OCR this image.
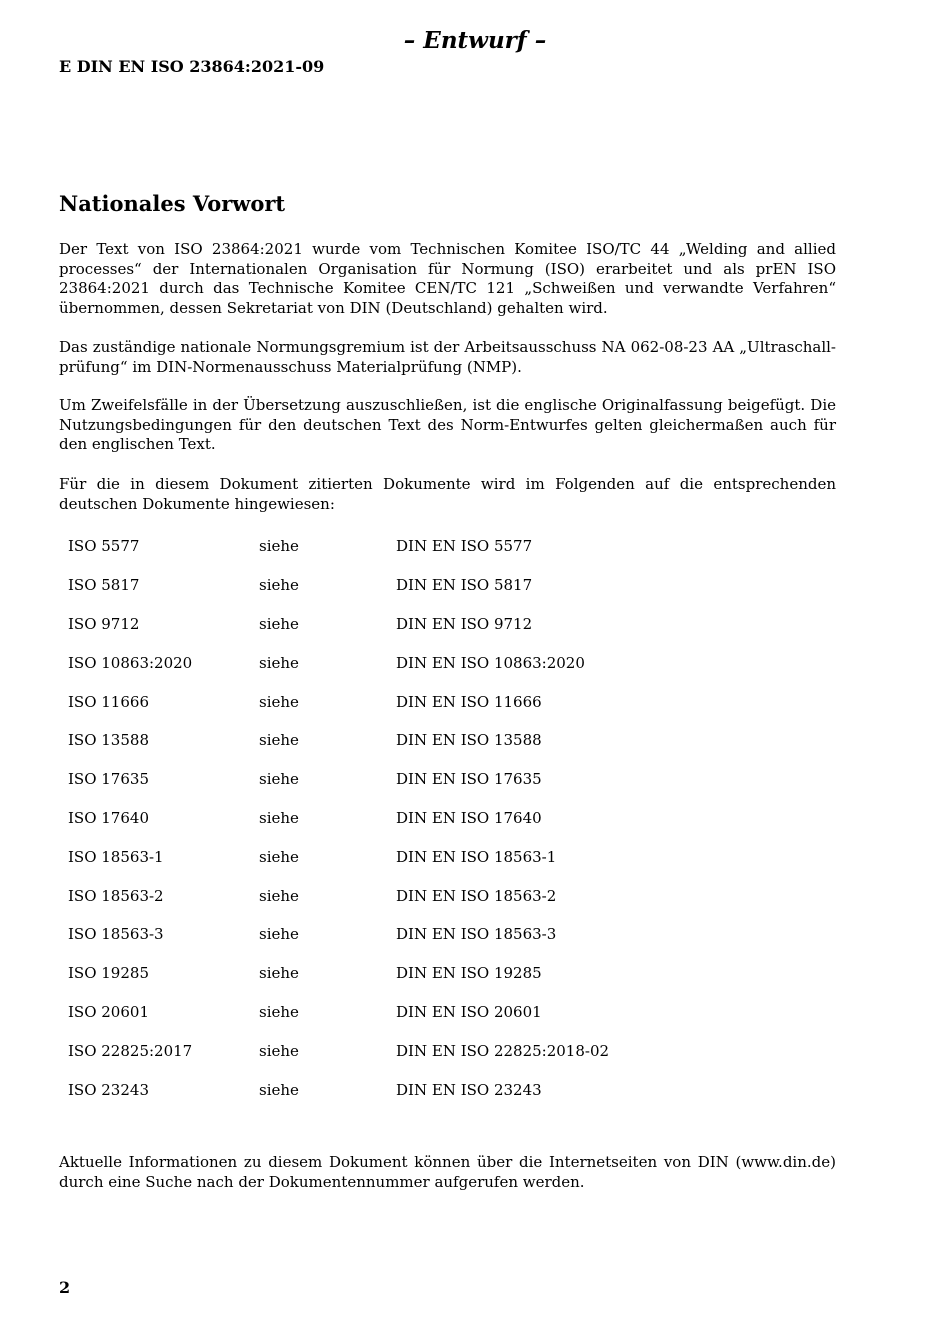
– Entwurf –
E DIN EN ISO 23864:2021-09
Nationales Vorwort

Der Text von ISO 23864:2021 wurde vom Technischen Komitee ISO/TC 44 „Welding and allied processes“ der Internationalen Organisation für Normung (ISO) erarbeitet und als prEN ISO 23864:2021 durch das Technische Komitee CEN/TC 121 „Schweißen und verwandte Verfahren“ übernommen, dessen Sekretariat von DIN (Deutschland) gehalten wird.

Das zuständige nationale Normungsgremium ist der Arbeitsausschuss NA 062-08-23 AA „Ultraschall-prüfung“ im DIN-Normenausschuss Materialprüfung (NMP).

Um Zweifelsfälle in der Übersetzung auszuschließen, ist die englische Originalfassung beigefügt. Die Nutzungsbedingungen für den deutschen Text des Norm-Entwurfes gelten gleichermaßen auch für den englischen Text.

Für die in diesem Dokument zitierten Dokumente wird im Folgenden auf die entsprechenden deutschen Dokumente hingewiesen:

ISO 5577	siehe	DIN EN ISO 5577
ISO 5817	siehe	DIN EN ISO 5817
ISO 9712	siehe	DIN EN ISO 9712
ISO 10863:2020	siehe	DIN EN ISO 10863:2020
ISO 11666	siehe	DIN EN ISO 11666
ISO 13588	siehe	DIN EN ISO 13588
ISO 17635	siehe	DIN EN ISO 17635
ISO 17640	siehe	DIN EN ISO 17640
ISO 18563-1	siehe	DIN EN ISO 18563-1
ISO 18563-2	siehe	DIN EN ISO 18563-2
ISO 18563-3	siehe	DIN EN ISO 18563-3
ISO 19285	siehe	DIN EN ISO 19285
ISO 20601	siehe	DIN EN ISO 20601
ISO 22825:2017	siehe	DIN EN ISO 22825:2018-02
ISO 23243	siehe	DIN EN ISO 23243

Aktuelle Informationen zu diesem Dokument können über die Internetseiten von DIN (www.din.de) durch eine Suche nach der Dokumentennummer aufgerufen werden.

2
